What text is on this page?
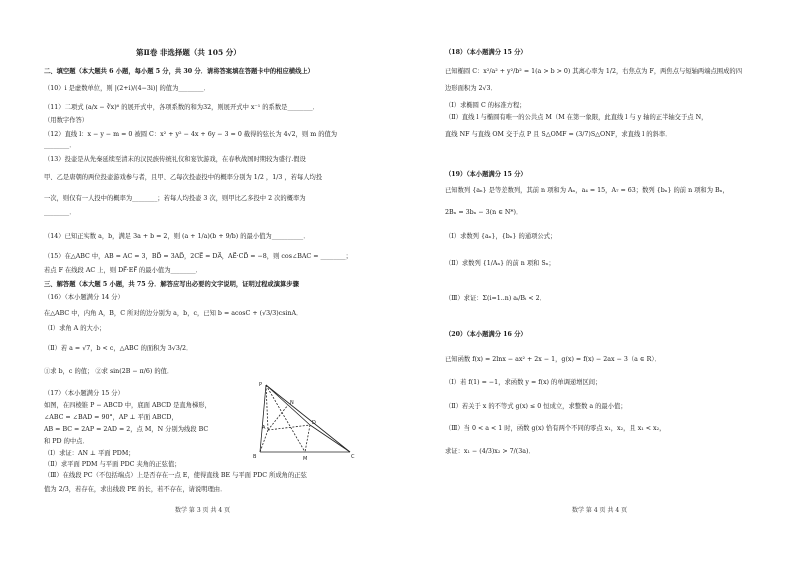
第Ⅱ卷 非选择题（共 105 分）
二、填空题（本大题共 6 小题，每小题 5 分，共 30 分．请将答案填在答题卡中的相应横线上）
（10）i 是虚数单位，则 |(2+i)/(4−3i)| 的值为________．
（11）二项式 (a/x − ∛x)⁶ 的展开式中，各项系数的和为32，则展开式中 x⁻¹ 的系数是________．
（用数字作答）
（12）直线 l：x − y − m = 0 被圆 C：x² + y² − 4x + 6y − 3 = 0 截得的弦长为 4√2，则 m 的值为
________．
（13）投壶是从先秦延续至清末的汉民族传统礼仪和宴饮游戏，在春秋战国时期较为盛行.假设
甲、乙是唐朝的两位投壶游戏参与者，且甲、乙每次投壶投中的概率分别为 1/2 ，1/3 ，若每人均投
一次，则仅有一人投中的概率为________；若每人均投壶 3 次，则甲比乙多投中 2 次的概率为
________．
（14）已知正实数 a，b，满足 3a + b = 2，则 (a + 1/a)(b + 9/b) 的最小值为__________．
（15）在△ABC 中，AB = AC = 3，BD⃗ = 3AD⃗，2CE⃗ = DA⃗，AE⃗·CD⃗ = −8，则 cos∠BAC = ________；
若点 F 在线段 AC 上，则 DF⃗·EF⃗ 的最小值为________．
三、解答题（本大题 5 小题，共 75 分．解答应写出必要的文字说明，证明过程或演算步骤
（16）（本小题满分 14 分）
在△ABC 中，内角 A，B，C 所对的边分别为 a，b，c，已知 b = acosC + (√3/3)csinA．
（Ⅰ）求角 A 的大小；
（Ⅱ）若 a = √7，b < c，△ABC 的面积为 3√3/2．
①求 b，c 的值； ②求 sin(2B − π/6) 的值．
（17）（本小题满分 15 分）
如图，在四棱锥 P − ABCD 中，底面 ABCD 是直角梯形，
∠ABC = ∠BAD = 90°，AP ⊥ 平面 ABCD，
AB = BC = 2AP = 2AD = 2，点 M，N 分别为线段 BC
和 PD 的中点．
（Ⅰ）求证：AN ⊥ 平面 PDM；
（Ⅱ）求平面 PDM 与平面 PDC 夹角的正弦值；
（Ⅲ）在线段 PC（不包括端点）上是否存在一点 E，使得直线 BE 与平面 PDC 所成角的正弦
值为 2/3，若存在，求出线段 PE 的长，若不存在，请说明理由．
P
A
B	C
D
M
N
数学 第 3 页 共 4 页
（18）（本小题满分 15 分）
已知椭圆 C：x²/a² + y²/b² = 1(a > b > 0) 其离心率为 1/2，右焦点为 F，两焦点与短轴两端点围成的四
边形面积为 2√3．
（Ⅰ）求椭圆 C 的标准方程；
（Ⅱ）直线 l 与椭圆有唯一的公共点 M（M 在第一象限，此直线 l 与 y 轴的正半轴交于点 N，
直线 NF 与直线 OM 交于点 P 且 S△OMF = (3/7)S△ONF，求直线 l 的斜率．
（19）（本小题满分 15 分）
已知数列 {aₙ} 是等差数列，其前 n 项和为 Aₙ，a₄ = 15，A₇ = 63；数列 {bₙ} 的前 n 项和为 Bₙ，
2Bₙ = 3bₙ − 3(n ∈ N*)．
（Ⅰ）求数列 {aₙ}，{bₙ} 的通项公式；
（Ⅱ）求数列 {1/Aₙ} 的前 n 项和 Sₙ；
（Ⅲ）求证：Σ(i=1..n) aᵢ/Bᵢ < 2．
（20）（本小题满分 16 分）
已知函数 f(x) = 2lnx − ax² + 2x − 1，g(x) = f(x) − 2ax − 3（a ∈ R）．
（Ⅰ）若 f(1) = −1，求函数 y = f(x) 的单调递增区间；
（Ⅱ）若关于 x 的不等式 g(x) ≤ 0 恒成立，求整数 a 的最小值；
（Ⅲ）当 0 < a < 1 时，函数 g(x) 恰有两个不同的零点 x₁，x₂，且 x₁ < x₂，
求证：x₁ − (4/3)x₂ > 7/(3a)．
数学 第 4 页 共 4 页
